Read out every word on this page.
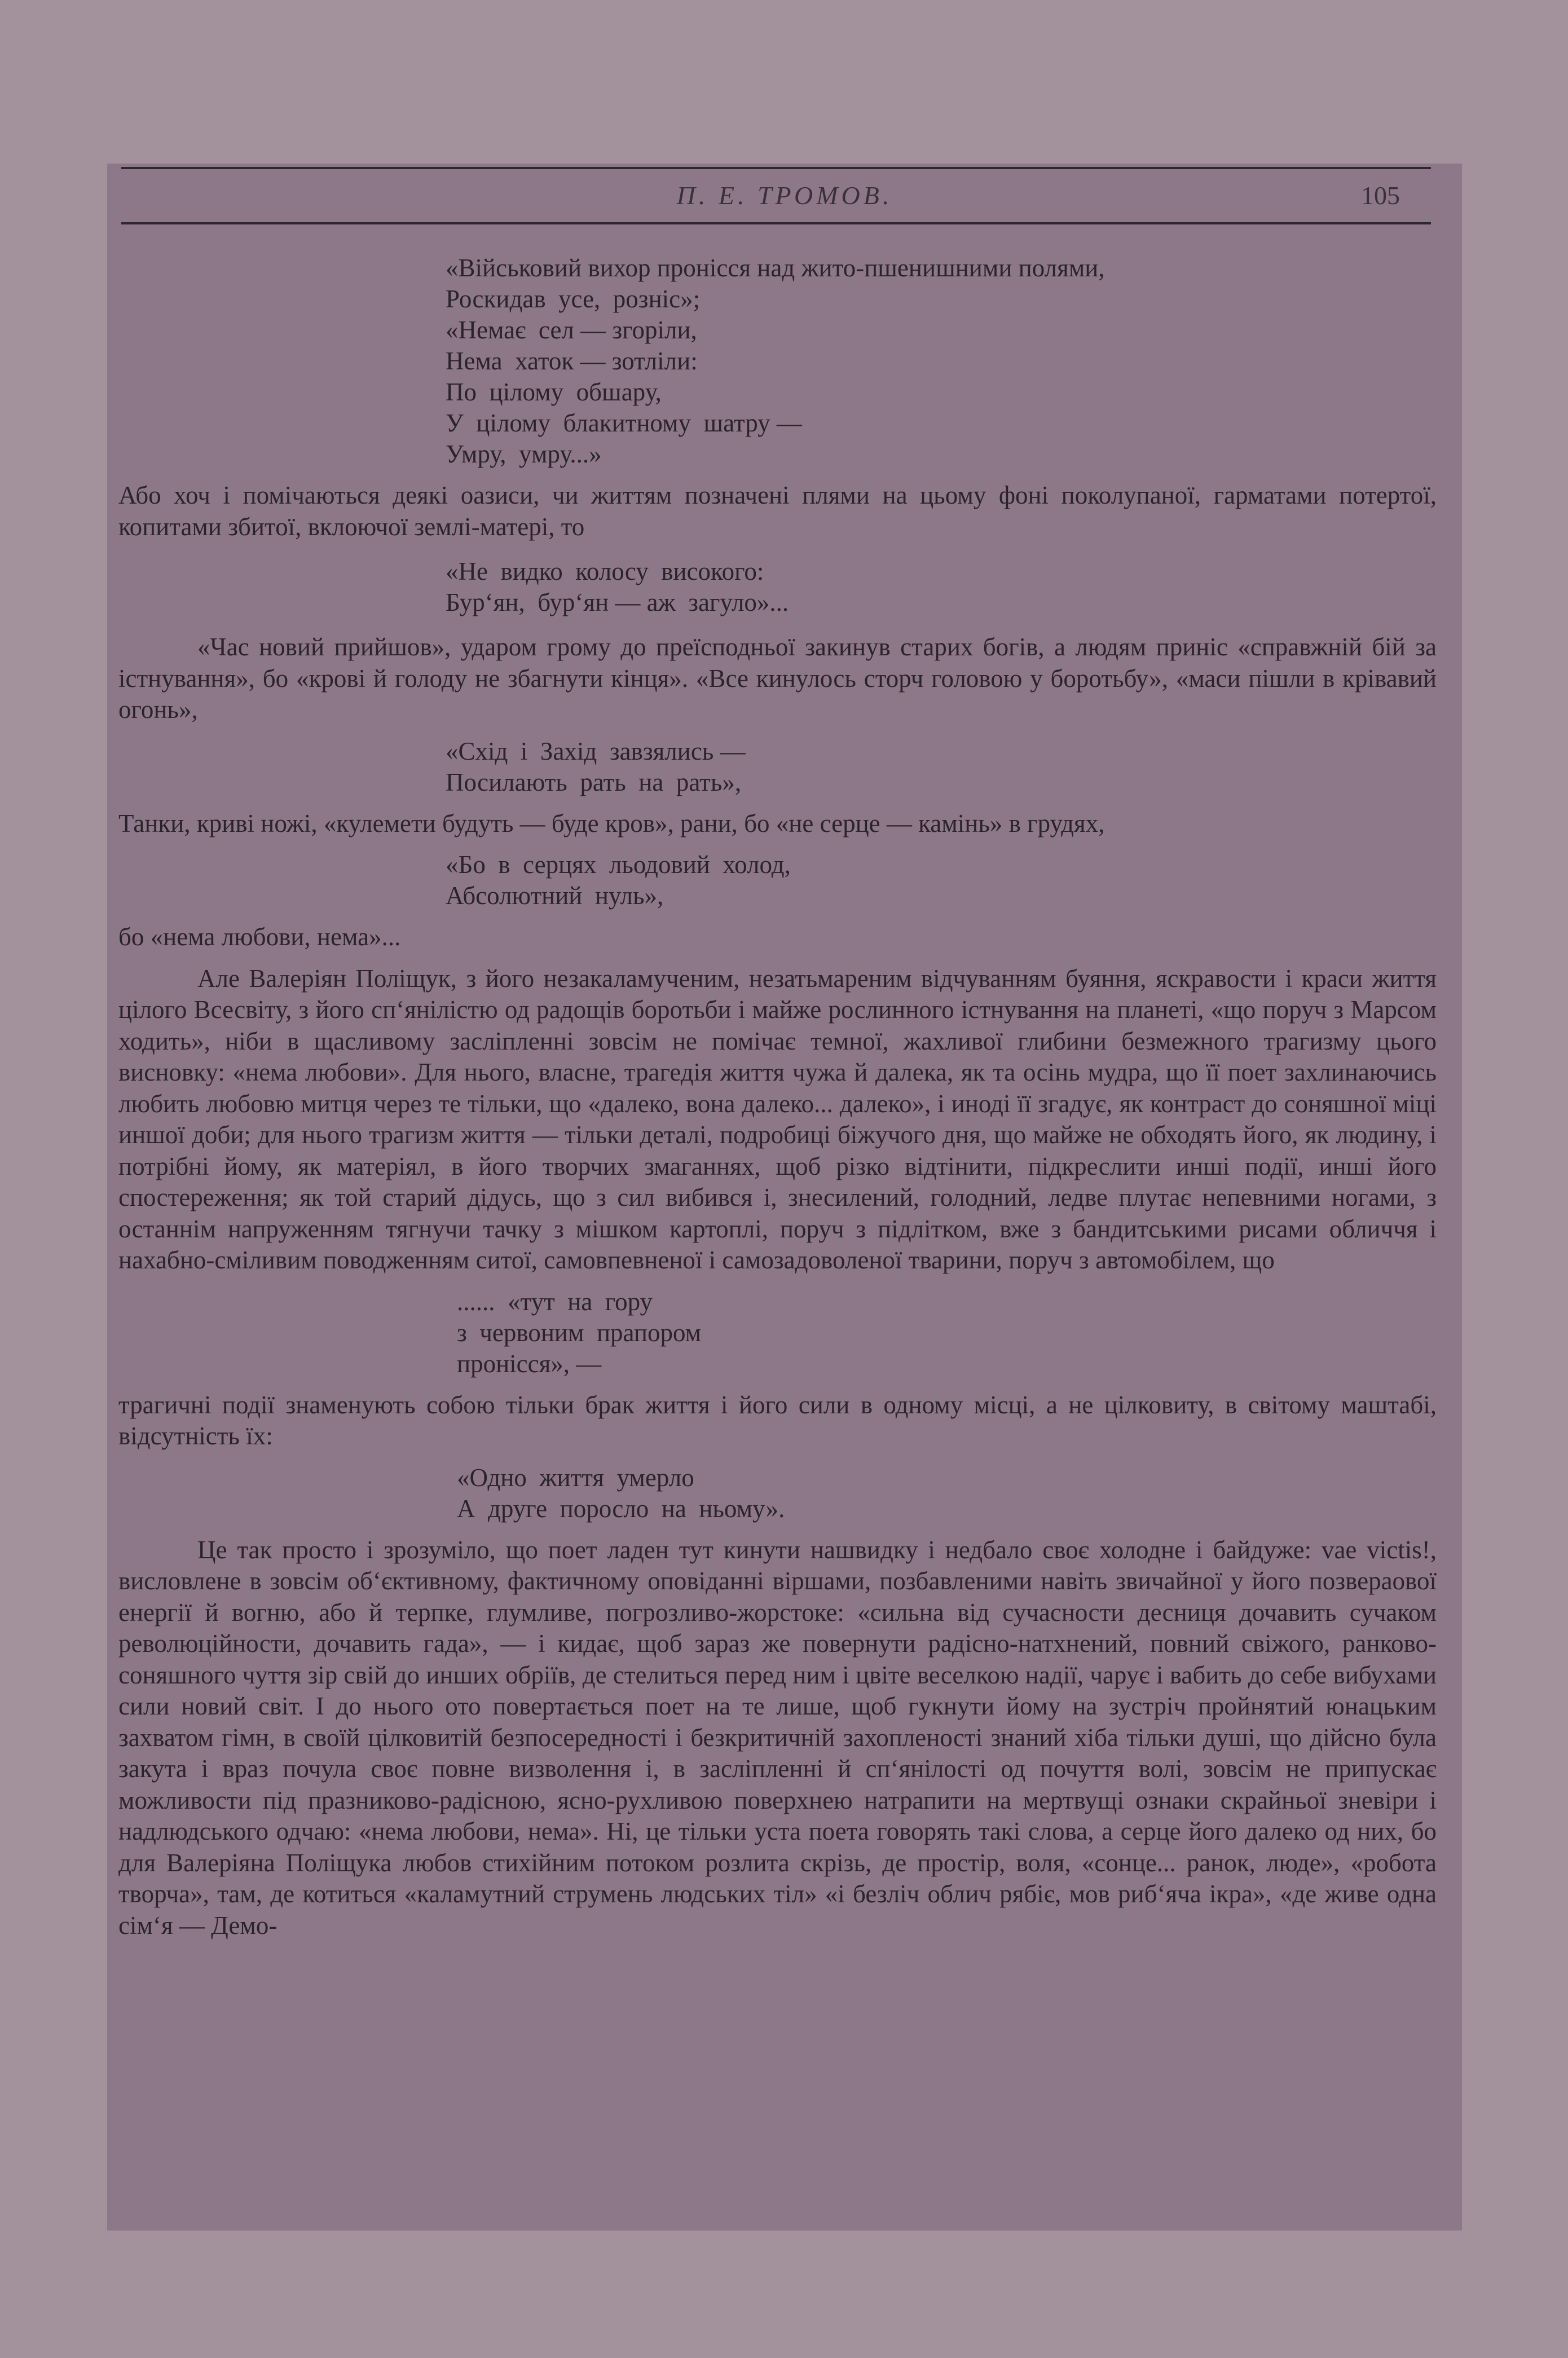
П. Е. ТРОМОВ.	105
«Військовий вихор пронісся над жито-пшенишними полями,
Роскидав  усе,  розніс»;
«Немає  сел — згоріли,
Нема  хаток — зотліли:
По  цілому  обшару,
У  цілому  блакитному  шатру —
Умру,  умру...»

Або хоч і помічаються деякі оазиси, чи життям позначені плями на цьому фоні поколупаної, гарматами потертої, копитами збитої, вклоючої землі-матері, то

«Не  видко  колосу  високого:
Бур‘ян,  бур‘ян — аж  загуло»...

«Час новий прийшов», ударом грому до преїсподньої закинув старих богів, а людям приніс «справжній бій за істнування», бо «крові й голоду не збагнути кінця». «Все кинулось сторч головою у боротьбу», «маси пішли в крівавий огонь»,

«Схід  і  Захід  завзялись —
Посилають  рать  на  рать»,

Танки, криві ножі, «кулемети будуть — буде кров», рани, бо «не серце — камінь» в грудях,

«Бо  в  серцях  льодовий  холод,
Абсолютний  нуль»,

бо «нема любови, нема»...

Але Валеріян Поліщук, з його незакаламученим, незатьмареним відчуванням буяння, яскравости і краси життя цілого Всесвіту, з його сп‘янілістю од радощів боротьби і майже рослинного істнування на планеті, «що поруч з Марсом ходить», ніби в щасливому засліпленні зовсім не помічає темної, жахливої глибини безмежного трагизму цього висновку: «нема любови». Для нього, власне, трагедія життя чужа й далека, як та осінь мудра, що її поет захлинаючись любить любовю митця через те тільки, що «далеко, вона далеко... далеко», і иноді її згадує, як контраст до соняшної міці иншої доби; для нього трагизм життя — тільки деталі, подробиці біжучого дня, що майже не обходять його, як людину, і потрібні йому, як матеріял, в його творчих змаганнях, щоб різко відтінити, підкреслити инші події, инші його спостереження; як той старий дідусь, що з сил вибився і, знесилений, голодний, ледве плутає непевними ногами, з останнім напруженням тягнучи тачку з мішком картоплі, поруч з підлітком, вже з бандитськими рисами обличчя і нахабно-сміливим поводженням ситої, самовпевненої і самозадоволеної тварини, поруч з автомобілем, що

......  «тут  на  гору
з  червоним  прапором
пронісся», —

трагичні події знаменують собою тільки брак життя і його сили в одному місці, а не цілковиту, в світому маштабі, відсутність їх:

«Одно  життя  умерло
А  друге  поросло  на  ньому».

Це так просто і зрозуміло, що поет ладен тут кинути нашвидку і недбало своє холодне і байдуже: vae victis!, висловлене в зовсім об‘єктивному, фактичному оповіданні віршами, позбавленими навіть звичайної у його позвераової енергії й вогню, або й терпке, глумливе, погрозливо-жорстоке: «сильна від сучасности десниця дочавить сучаком революційности, дочавить гада», — і кидає, щоб зараз же повернути радісно-натхнений, повний свіжого, ранково-соняшного чуття зір свій до инших обріїв, де стелиться перед ним і цвіте веселкою надії, чарує і вабить до себе вибухами сили новий світ. І до нього ото повертається поет на те лише, щоб гукнути йому на зустріч пройнятий юнацьким захватом гімн, в своїй цілковитій безпосередності і безкритичній захопленості знаний хіба тільки душі, що дійсно була закута і враз почула своє повне визволення і, в засліпленні й сп‘янілості од почуття волі, зовсім не припускає можливости під празниково-радісною, ясно-рухливою поверхнею натрапити на мертвущі ознаки скрайньої зневіри і надлюдського одчаю: «нема любови, нема». Ні, це тільки уста поета говорять такі слова, а серце його далеко од них, бо для Валеріяна Поліщука любов стихійним потоком розлита скрізь, де простір, воля, «сонце... ранок, люде», «робота творча», там, де котиться «каламутний струмень людських тіл» «і безліч облич рябіє, мов риб‘яча ікра», «де живе одна сім‘я — Демо-
